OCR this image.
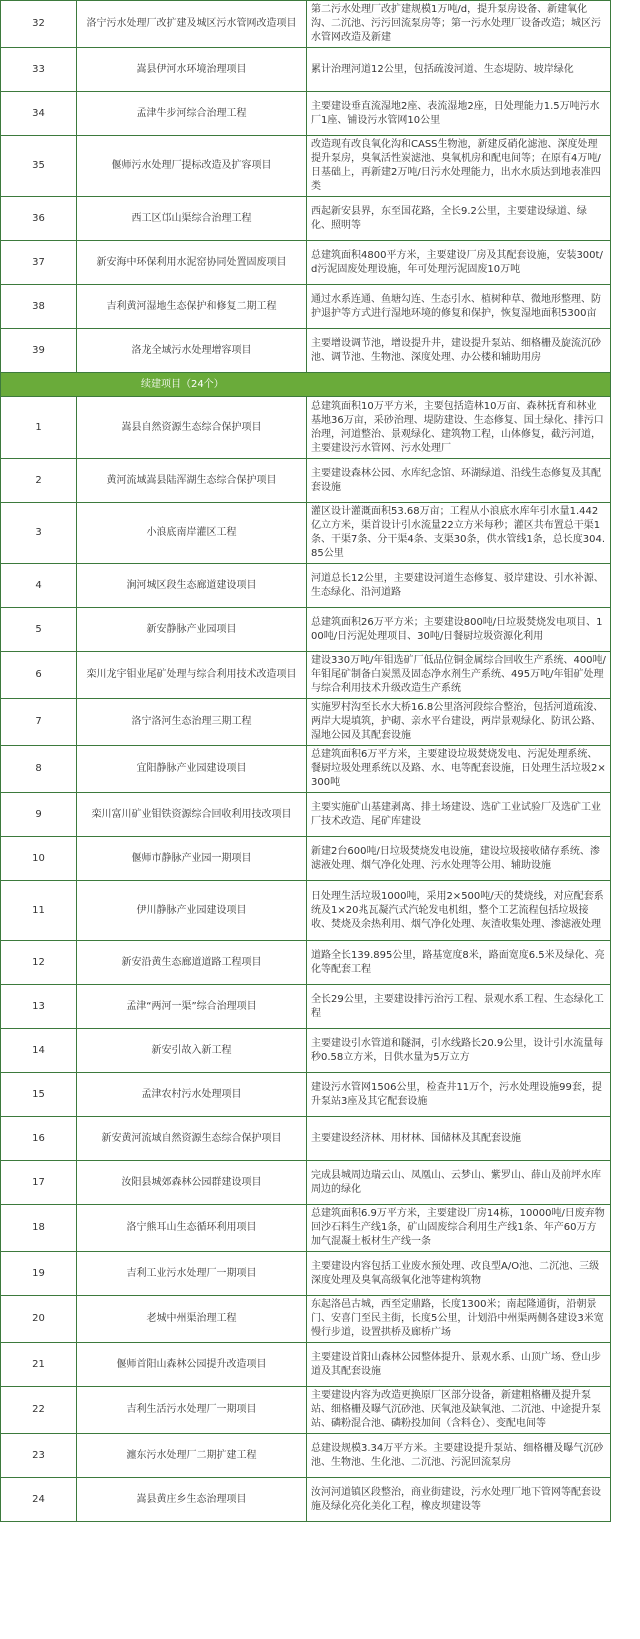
32	洛宁污水处理厂改扩建及城区污水管网改造项目	第二污水处理厂改扩建规模1万吨/d，提升泵房设备、新建氧化沟、二沉池、污污回流泵房等；第一污水处理厂设备改造；城区污水管网改造及新建
33	嵩县伊河水环境治理项目	累计治理河道12公里，包括疏浚河道、生态堤防、坡岸绿化
34	孟津牛步河综合治理工程	主要建设垂直流湿地2座、表流湿地2座，日处理能力1.5万吨污水厂1座、铺设污水管网10公里
35	偃师污水处理厂提标改造及扩容项目	改造现有改良氧化沟和CASS生物池，新建反硝化滤池、深度处理提升泵房，臭氧活性炭滤池、臭氧机房和配电间等；在原有4万吨/日基础上，再新建2万吨/日污水处理能力，出水水质达到地表准四类
36	西工区邙山渠综合治理工程	西起新安县界，东至国花路，全长9.2公里，主要建设绿道、绿化、照明等
37	新安海中环保利用水泥窑协同处置固废项目	总建筑面积4800平方米，主要建设厂房及其配套设施，安装300t/d污泥固废处理设施，年可处理污泥固废10万吨
38	吉利黄河湿地生态保护和修复二期工程	通过水系连通、鱼塘勾连、生态引水、植树种草、微地形整理、防护退护等方式进行湿地环境的修复和保护，恢复湿地面积5300亩
39	洛龙全域污水处理增容项目	主要增设调节池，增设提升井，建设提升泵站、细格栅及旋流沉砂池、调节池、生物池、深度处理、办公楼和辅助用房
续建项目（24个）		
1	嵩县自然资源生态综合保护项目	总建筑面积10万平方米，主要包括造林10万亩、森林抚育和林业基地36万亩，采砂治理、堤防建设、生态修复、国土绿化、排污口治理，河道整治、景观绿化、建筑物工程，山体修复，截污河道，主要建设污水管网、污水处理厂
2	黄河流域嵩县陆浑湖生态综合保护项目	主要建设森林公园、水库纪念馆、环湖绿道、沿线生态修复及其配套设施
3	小浪底南岸灌区工程	灌区设计灌溉面积53.68万亩；工程从小浪底水库年引水量1.442亿立方米，渠首设计引水流量22立方米每秒；灌区共布置总干渠1条、干渠7条、分干渠4条、支渠30条，供水管线1条，总长度304.85公里
4	涧河城区段生态廊道建设项目	河道总长12公里，主要建设河道生态修复、驳岸建设、引水补源、生态绿化、沿河道路
5	新安静脉产业园项目	总建筑面积26万平方米；主要建设800吨/日垃圾焚烧发电项目、100吨/日污泥处理项目、30吨/日餐厨垃圾资源化利用
6	栾川龙宇钼业尾矿处理与综合利用技术改造项目	建设330万吨/年钼选矿厂低品位铜金属综合回收生产系统、400吨/年钼尾矿制备白炭黑及固态净水剂生产系统、495万吨/年钼矿处理与综合利用技术升级改造生产系统
7	洛宁洛河生态治理三期工程	实施罗村沟至长水大桥16.8公里洛河段综合整治，包括河道疏浚、两岸大堤填筑，护砌、亲水平台建设，两岸景观绿化、防讯公路、湿地公园及其配套设施
8	宜阳静脉产业园建设项目	总建筑面积6万平方米，主要建设垃圾焚烧发电、污泥处理系统、餐厨垃圾处理系统以及路、水、电等配套设施，日处理生活垃圾2×300吨
9	栾川富川矿业钼铁资源综合回收利用技改项目	主要实施矿山基建剥离、排土场建设、选矿工业试验厂及选矿工业厂技术改造、尾矿库建设
10	偃师市静脉产业园一期项目	新建2台600吨/日垃圾焚烧发电设施，建设垃圾接收储存系统、渗滤液处理、烟气净化处理、污水处理等公用、辅助设施
11	伊川静脉产业园建设项目	日处理生活垃圾1000吨，采用2×500吨/天的焚烧线，对应配套系统及1×20兆瓦凝汽式汽轮发电机组，整个工艺流程包括垃圾接收、焚烧及余热利用、烟气净化处理、灰渣收集处理、渗滤液处理
12	新安沿黄生态廊道道路工程项目	道路全长139.895公里，路基宽度8米，路面宽度6.5米及绿化、亮化等配套工程
13	孟津“两河一渠”综合治理项目	全长29公里，主要建设排污治污工程、景观水系工程、生态绿化工程
14	新安引故入新工程	主要建设引水管道和隧洞，引水线路长20.9公里，设计引水流量每秒0.58立方米，日供水量为5万立方
15	孟津农村污水处理项目	建设污水管网1506公里，检查井11万个，污水处理设施99套，提升泵站3座及其它配套设施
16	新安黄河流域自然资源生态综合保护项目	主要建设经济林、用材林、国储林及其配套设施
17	汝阳县城郊森林公园群建设项目	完成县城周边瑞云山、凤凰山、云梦山、紫罗山、薛山及前坪水库周边的绿化
18	洛宁熊耳山生态循环利用项目	总建筑面积6.9万平方米，主要建设厂房14栋，10000吨/日废弃物回沙石料生产线1条，矿山固废综合利用生产线1条、年产60万方加气混凝土板材生产线一条
19	吉利工业污水处理厂一期项目	主要建设内容包括工业废水预处理、改良型A/O池、二沉池、三级深度处理及臭氧高级氧化池等建构筑物
20	老城中州渠治理工程	东起洛邑古城，西至定鼎路，长度1300米；南起隆通街，沿朝景门、安喜门至民主街，长度5公里，计划沿中州渠两侧各建设3米宽慢行步道，设置拱桥及廊桥广场
21	偃师首阳山森林公园提升改造项目	主要建设首阳山森林公园整体提升、景观水系、山顶广场、登山步道及其配套设施
22	吉利生活污水处理厂一期项目	主要建设内容为改造更换原厂区部分设备，新建粗格栅及提升泵站、细格栅及曝气沉砂池、厌氧池及缺氧池、二沉池、中途提升泵站、磷粉混合池、磷粉投加间（含料仓）、变配电间等
23	瀍东污水处理厂二期扩建工程	总建设规模3.34万平方米。主要建设提升泵站、细格栅及曝气沉砂池、生物池、生化池、二沉池、污泥回流泵房
24	嵩县黄庄乡生态治理项目	汝河河道镇区段整治，商业街建设，污水处理厂地下管网等配套设施及绿化亮化美化工程，橡皮坝建设等
